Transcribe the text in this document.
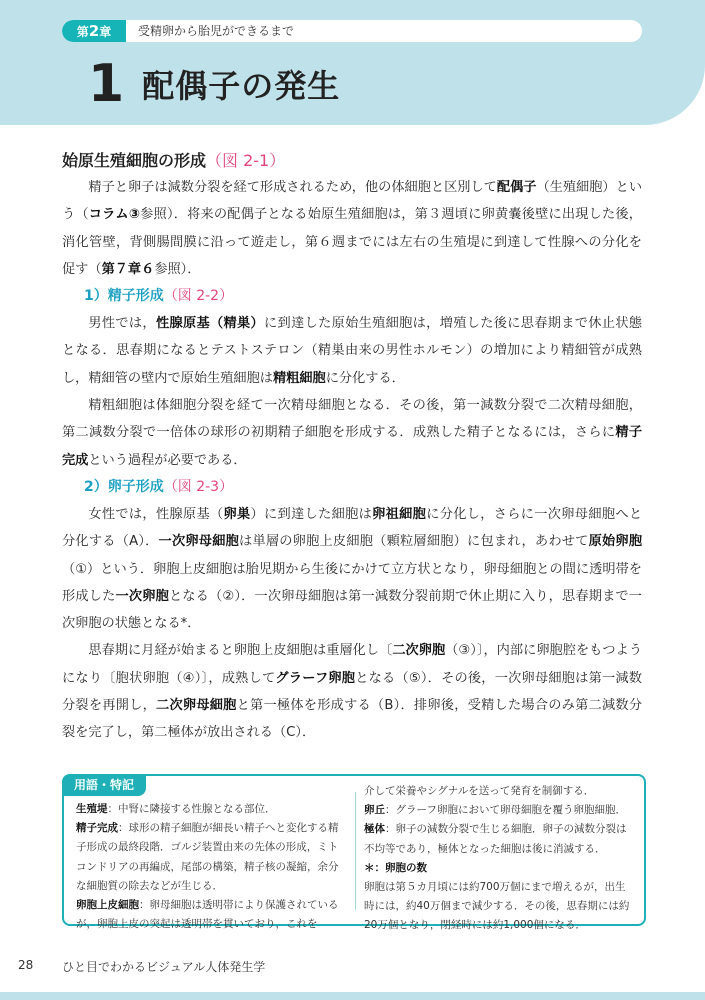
第2章	受精卵から胎児ができるまで
1 配偶子の発生
始原生殖細胞の形成（図 2-1）

精子と卵子は減数分裂を経て形成されるため，他の体細胞と区別して配偶子（生殖細胞）という（コラム③参照）．将来の配偶子となる始原生殖細胞は，第３週頃に卵黄嚢後壁に出現した後，消化管壁，背側腸間膜に沿って遊走し，第６週までには左右の生殖堤に到達して性腺への分化を促す（第７章６参照）．

1）精子形成（図 2-2）

男性では，性腺原基（精巣）に到達した原始生殖細胞は，増殖した後に思春期まで休止状態となる．思春期になるとテストステロン（精巣由来の男性ホルモン）の増加により精細管が成熟し，精細管の壁内で原始生殖細胞は精粗細胞に分化する．

精粗細胞は体細胞分裂を経て一次精母細胞となる．その後，第一減数分裂で二次精母細胞，第二減数分裂で一倍体の球形の初期精子細胞を形成する．成熟した精子となるには，さらに精子完成という過程が必要である．

2）卵子形成（図 2-3）

女性では，性腺原基（卵巣）に到達した細胞は卵祖細胞に分化し，さらに一次卵母細胞へと分化する（A）．一次卵母細胞は単層の卵胞上皮細胞（顆粒層細胞）に包まれ，あわせて原始卵胞（①）という．卵胞上皮細胞は胎児期から生後にかけて立方状となり，卵母細胞との間に透明帯を形成した一次卵胞となる（②）．一次卵母細胞は第一減数分裂前期で休止期に入り，思春期まで一次卵胞の状態となる*．

思春期に月経が始まると卵胞上皮細胞は重層化し〔二次卵胞（③）〕，内部に卵胞腔をもつようになり〔胞状卵胞（④）〕，成熟してグラーフ卵胞となる（⑤）．その後，一次卵母細胞は第一減数分裂を再開し，二次卵母細胞と第一極体を形成する（B）．排卵後，受精した場合のみ第二減数分裂を完了し，第二極体が放出される（C）．

用語・特記

生殖堤：中腎に隣接する性腺となる部位．

精子完成：球形の精子細胞が細長い精子へと変化する精子形成の最終段階．ゴルジ装置由来の先体の形成，ミトコンドリアの再編成，尾部の構築，精子核の凝縮，余分な細胞質の除去などが生じる．

卵胞上皮細胞：卵母細胞は透明帯により保護されているが，卵胞上皮の突起は透明帯を貫いており，これを

介して栄養やシグナルを送って発育を制御する．

卵丘：グラーフ卵胞において卵母細胞を覆う卵胞細胞．

極体：卵子の減数分裂で生じる細胞．卵子の減数分裂は不均等であり，極体となった細胞は後に消滅する．

＊：卵胞の数

卵胞は第５カ月頃には約700万個にまで増えるが，出生時には，約40万個まで減少する．その後，思春期には約20万個となり，閉経時には約1,000個になる．

28 ひと目でわかるビジュアル人体発生学
